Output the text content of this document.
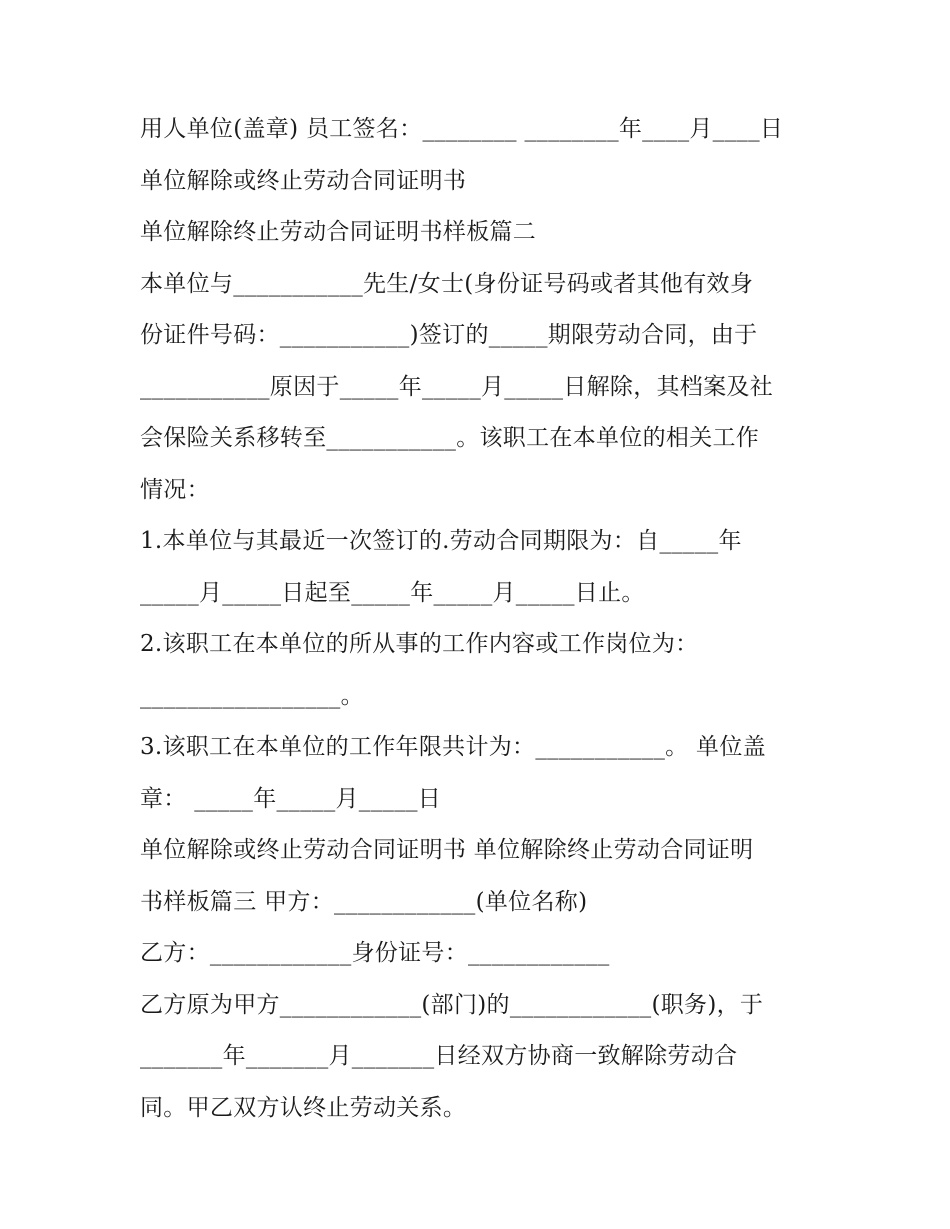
用人单位(盖章) 员工签名：________ ________年____月____日
单位解除或终止劳动合同证明书
单位解除终止劳动合同证明书样板篇二
本单位与___________先生/女士(身份证号码或者其他有效身
份证件号码：___________)签订的_____期限劳动合同，由于
___________原因于_____年_____月_____日解除，其档案及社
会保险关系移转至___________。该职工在本单位的相关工作
情况：
1.本单位与其最近一次签订的.劳动合同期限为：自_____年
_____月_____日起至_____年_____月_____日止。
2.该职工在本单位的所从事的工作内容或工作岗位为：
_________________。
3.该职工在本单位的工作年限共计为：___________。 单位盖
章： _____年_____月_____日
单位解除或终止劳动合同证明书 单位解除终止劳动合同证明
书样板篇三 甲方：____________(单位名称)
乙方：____________身份证号：____________
乙方原为甲方____________(部门)的____________(职务)，于
_______年_______月_______日经双方协商一致解除劳动合
同。甲乙双方认终止劳动关系。
